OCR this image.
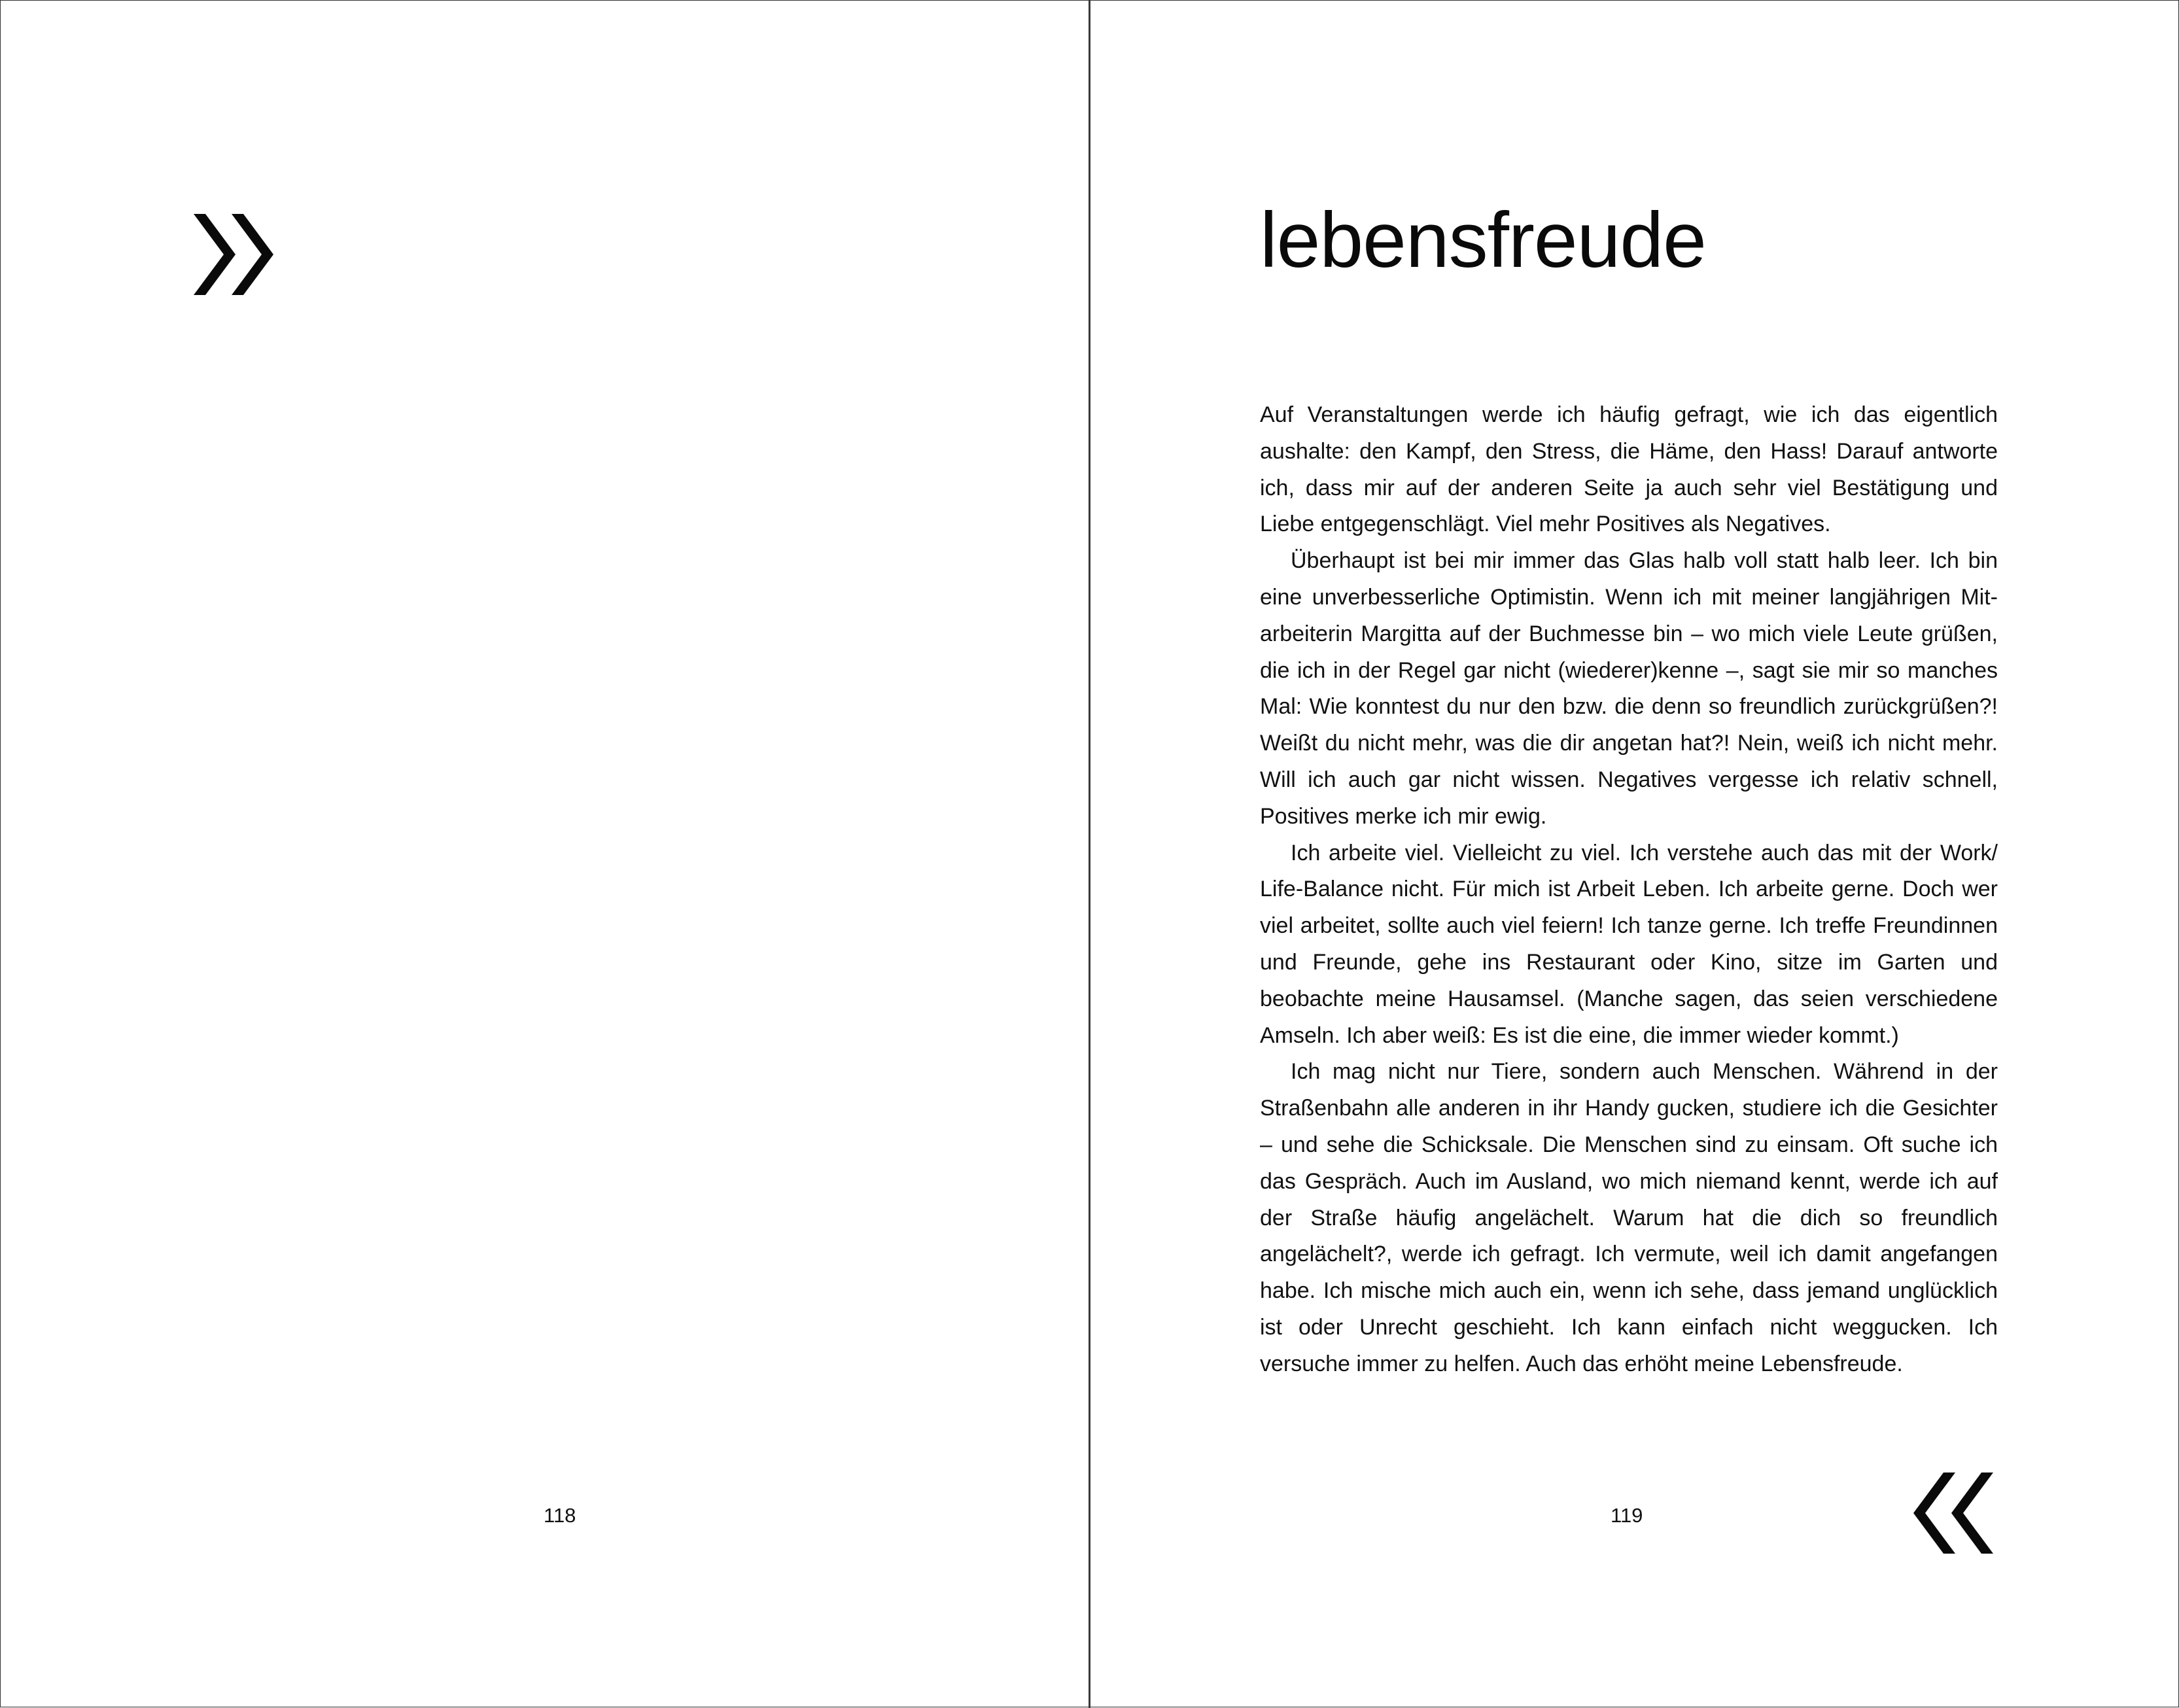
118
lebensfreude

Auf Veranstaltungen werde ich häufig gefragt, wie ich das eigentlich aushalte: den Kampf, den Stress, die Häme, den Hass! Darauf antworte ich, dass mir auf der anderen Seite ja auch sehr viel Bestätigung und Liebe entgegenschlägt. Viel mehr Positives als Negatives.

Überhaupt ist bei mir immer das Glas halb voll statt halb leer. Ich bin eine unverbesserliche Optimistin. Wenn ich mit meiner langjährigen Mitarbeiterin Margitta auf der Buchmesse bin – wo mich viele Leute grüßen, die ich in der Regel gar nicht (wiederer)kenne –, sagt sie mir so manches Mal: Wie konntest du nur den bzw. die denn so freundlich zurückgrüßen?! Weißt du nicht mehr, was die dir angetan hat?! Nein, weiß ich nicht mehr. Will ich auch gar nicht wissen. Negatives vergesse ich relativ schnell, Positives merke ich mir ewig.

Ich arbeite viel. Vielleicht zu viel. Ich verstehe auch das mit der Work/​Life-Balance nicht. Für mich ist Arbeit Leben. Ich arbeite gerne. Doch wer viel arbeitet, sollte auch viel feiern! Ich tanze gerne. Ich treffe Freundinnen und Freunde, gehe ins Restaurant oder Kino, sitze im Garten und beobachte meine Hausamsel. (Manche sagen, das seien verschiedene Amseln. Ich aber weiß: Es ist die eine, die immer wieder kommt.)

Ich mag nicht nur Tiere, sondern auch Menschen. Während in der Straßenbahn alle anderen in ihr Handy gucken, studiere ich die Gesichter – und sehe die Schicksale. Die Menschen sind zu einsam. Oft suche ich das Gespräch. Auch im Ausland, wo mich niemand kennt, werde ich auf der Straße häufig angelächelt. Warum hat die dich so freundlich angelächelt?, werde ich gefragt. Ich vermute, weil ich damit angefangen habe. Ich mische mich auch ein, wenn ich sehe, dass jemand unglücklich ist oder Unrecht geschieht. Ich kann einfach nicht weggucken. Ich versuche immer zu helfen. Auch das erhöht meine Lebensfreude.

119
